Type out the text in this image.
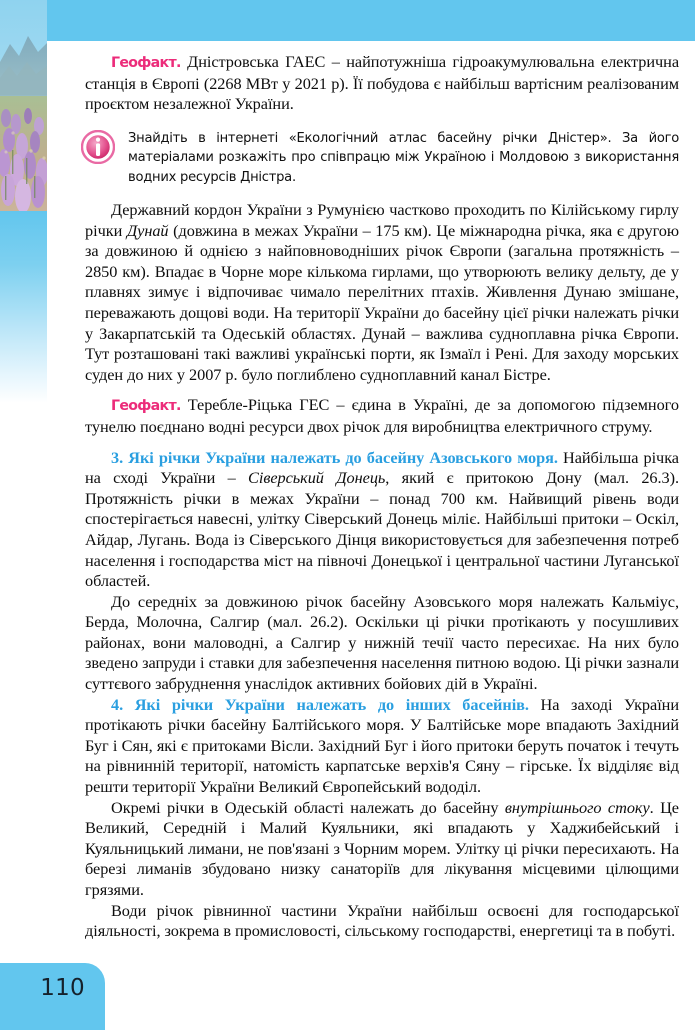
Геофакт. Дністровська ГАЕС – найпотужніша гідроакумулювальна електрична станція в Європі (2268 МВт у 2021 р). Її побудова є найбільш вартісним реалізованим проєктом незалежної України.

Знайдіть в інтернеті «Екологічний атлас басейну річки Дністер». За його матеріалами розкажіть про співпрацю між Україною і Молдовою з використання водних ресурсів Дністра.

Державний кордон України з Румунією частково проходить по Кілійському гирлу річки Дунай (довжина в межах України – 175 км). Це міжнародна річка, яка є другою за довжиною й однією з найповноводніших річок Європи (загальна протяжність – 2850 км). Впадає в Чорне море кількома гирлами, що утворюють велику дельту, де у плавнях зимує і відпочиває чимало перелітних птахів. Живлення Дунаю змішане, переважають дощові води. На території України до басейну цієї річки належать річки у Закарпатській та Одеській областях. Дунай – важлива судноплавна річка Європи. Тут розташовані такі важливі українські порти, як Ізмаїл і Рені. Для заходу морських суден до них у 2007 р. було поглиблено судноплавний канал Бістре.

Геофакт. Теребле-Ріцька ГЕС – єдина в Україні, де за допомогою підземного тунелю поєднано водні ресурси двох річок для виробництва електричного струму.

3. Які річки України належать до басейну Азовського моря. Найбільша річка на сході України – Сіверський Донець, який є притокою Дону (мал. 26.3). Протяжність річки в межах України – понад 700 км. Найвищий рівень води спостерігається навесні, улітку Сіверський Донець міліє. Найбільші притоки – Оскіл, Айдар, Лугань. Вода із Сіверського Дінця використовується для забезпечення потреб населення і господарства міст на півночі Донецької і центральної частини Луганської областей.

До середніх за довжиною річок басейну Азовського моря належать Кальміус, Берда, Молочна, Салгир (мал. 26.2). Оскільки ці річки протікають у посушливих районах, вони маловодні, а Салгир у нижній течії часто пересихає. На них було зведено запруди і ставки для забезпечення населення питною водою. Ці річки зазнали суттєвого забруднення унаслідок активних бойових дій в Україні.

4. Які річки України належать до інших басейнів. На заході України протікають річки басейну Балтійського моря. У Балтійське море впадають Західний Буг і Сян, які є притоками Вісли. Західний Буг і його притоки беруть початок і течуть на рівнинній території, натомість карпатське верхів'я Сяну – гірське. Їх відділяє від решти території України Великий Європейський вододіл.

Окремі річки в Одеській області належать до басейну внутрішнього стоку. Це Великий, Середній і Малий Куяльники, які впадають у Хаджибейський і Куяльницький лимани, не пов'язані з Чорним морем. Улітку ці річки пересихають. На березі лиманів збудовано низку санаторіїв для лікування місцевими цілющими грязями.

Води річок рівнинної частини України найбільш освоєні для господарської діяльності, зокрема в промисловості, сільському господарстві, енергетиці та в побуті.

110
